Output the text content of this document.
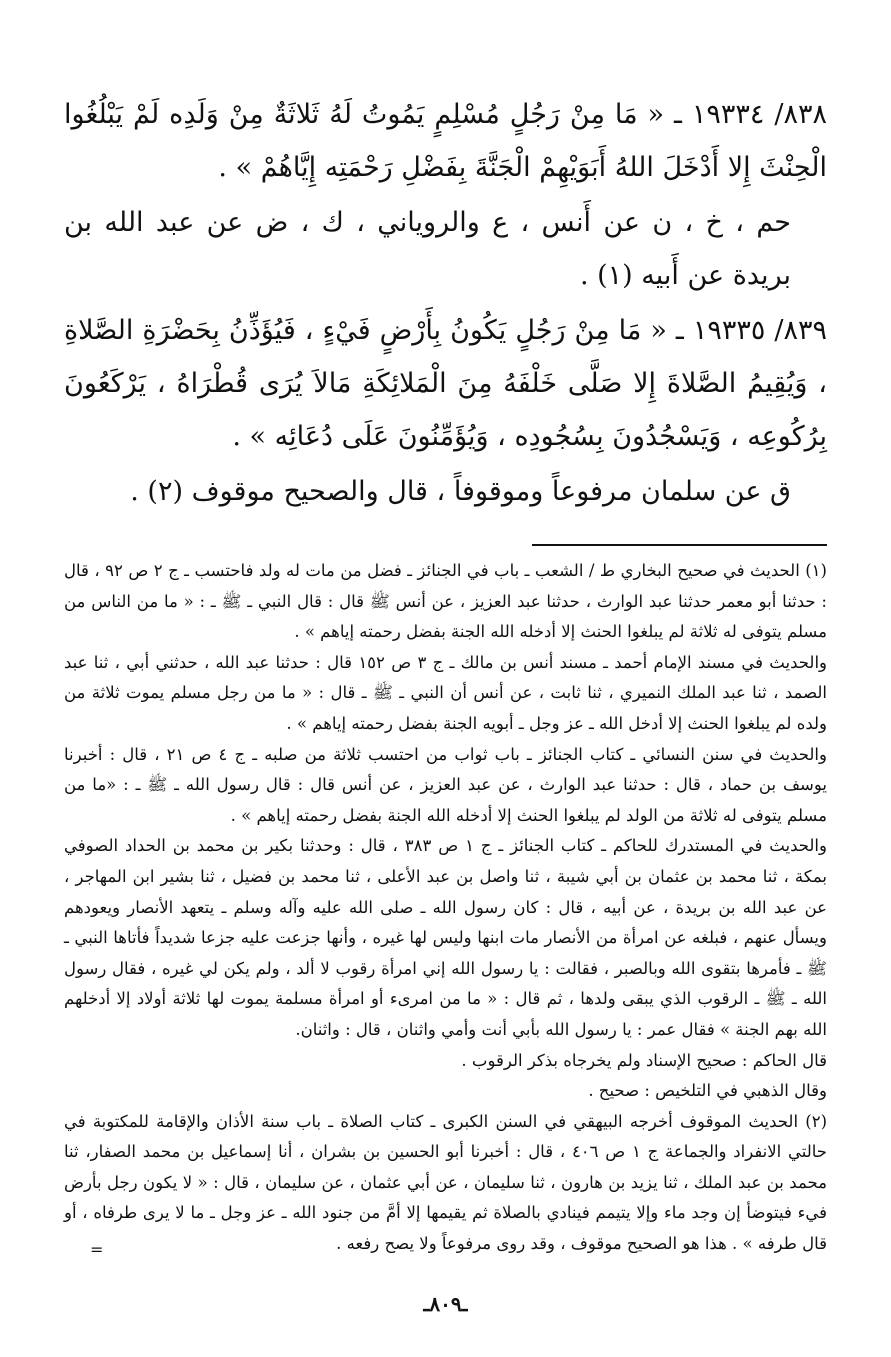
٨٣٨/ ١٩٣٣٤ ـ « مَا مِنْ رَجُلٍ مُسْلِمٍ يَمُوتُ لَهُ ثَلاثَةٌ مِنْ وَلَدِه لَمْ يَبْلُغُوا الْحِنْثَ إِلا أَدْخَلَ اللهُ أَبَوَيْهِمْ الْجَنَّةَ بِفَضْلِ رَحْمَتِه إِيَّاهُمْ » .

حم ، خ ، ن عن أَنس ، ع والروياني ، ك ، ض عن عبد الله بن بريدة عن أَبيه (١) .

٨٣٩/ ١٩٣٣٥ ـ « مَا مِنْ رَجُلٍ يَكُونُ بِأَرْضٍ فَيْءٍ ، فَيُؤَذِّنُ بِحَضْرَةِ الصَّلاةِ ، وَيُقِيمُ الصَّلاةَ إِلا صَلَّى خَلْفَهُ مِنَ الْمَلائِكَةِ مَالاَ يُرَى قُطْرَاهُ ، يَرْكَعُونَ بِرُكُوعِه ، وَيَسْجُدُونَ بِسُجُودِه ، وَيُؤَمِّنُونَ عَلَى دُعَائِه » .

ق عن سلمان مرفوعاً وموقوفاً ، قال والصحيح موقوف (٢) .

(١) الحديث في صحيح البخاري ط / الشعب ـ باب في الجنائز ـ فضل من مات له ولد فاحتسب ـ ج ٢ ص ٩٢ ، قال : حدثنا أبو معمر حدثنا عبد الوارث ، حدثنا عبد العزيز ، عن أنس ﷺ قال : قال النبي ـ ﷺ ـ : « ما من الناس من مسلم يتوفى له ثلاثة لم يبلغوا الحنث إلا أدخله الله الجنة بفضل رحمته إياهم » .

والحديث في مسند الإمام أحمد ـ مسند أنس بن مالك ـ ج ٣ ص ١٥٢ قال : حدثنا عبد الله ، حدثني أبي ، ثنا عبد الصمد ، ثنا عبد الملك النميري ، ثنا ثابت ، عن أنس أن النبي ـ ﷺ ـ قال : « ما من رجل مسلم يموت ثلاثة من ولده لم يبلغوا الحنث إلا أدخل الله ـ عز وجل ـ أبويه الجنة بفضل رحمته إياهم » .

والحديث في سنن النسائي ـ كتاب الجنائز ـ باب ثواب من احتسب ثلاثة من صلبه ـ ج ٤ ص ٢١ ، قال : أخبرنا يوسف بن حماد ، قال : حدثنا عبد الوارث ، عن عبد العزيز ، عن أنس قال : قال رسول الله ـ ﷺ ـ : «ما من مسلم يتوفى له ثلاثة من الولد لم يبلغوا الحنث إلا أدخله الله الجنة بفضل رحمته إياهم » .

والحديث في المستدرك للحاكم ـ كتاب الجنائز ـ ج ١ ص ٣٨٣ ، قال : وحدثنا بكير بن محمد بن الحداد الصوفي بمكة ، ثنا محمد بن عثمان بن أبي شيبة ، ثنا واصل بن عبد الأعلى ، ثنا محمد بن فضيل ، ثنا بشير ابن المهاجر ، عن عبد الله بن بريدة ، عن أبيه ، قال : كان رسول الله ـ صلى الله عليه وآله وسلم ـ يتعهد الأنصار ويعودهم ويسأل عنهم ، فبلغه عن امرأة من الأنصار مات ابنها وليس لها غيره ، وأنها جزعت عليه جزعا شديداً فأتاها النبي ـ ﷺ ـ فأمرها بتقوى الله وبالصبر ، فقالت : يا رسول الله إني امرأة رقوب لا ألد ، ولم يكن لي غيره ، فقال رسول الله ـ ﷺ ـ الرقوب الذي يبقى ولدها ، ثم قال : « ما من امرىء أو امرأة مسلمة يموت لها ثلاثة أولاد إلا أدخلهم الله بهم الجنة » فقال عمر : يا رسول الله بأبي أنت وأمي واثنان ، قال : واثنان.

قال الحاكم : صحيح الإسناد ولم يخرجاه بذكر الرقوب .

وقال الذهبي في التلخيص : صحيح .

(٢) الحديث الموقوف أخرجه البيهقي في السنن الكبرى ـ كتاب الصلاة ـ باب سنة الأذان والإقامة للمكتوبة في حالتي الانفراد والجماعة ج ١ ص ٤٠٦ ، قال : أخبرنا أبو الحسين بن بشران ، أنا إسماعيل بن محمد الصفار، ثنا محمد بن عبد الملك ، ثنا يزيد بن هارون ، ثنا سليمان ، عن أبي عثمان ، عن سليمان ، قال : « لا يكون رجل بأرض فيء فيتوضأ إن وجد ماء وإلا يتيمم فينادي بالصلاة ثم يقيمها إلا أمَّ من جنود الله ـ عز وجل ـ ما لا يرى طرفاه ، أو قال طرفه » . هذا هو الصحيح موقوف ، وقد روى مرفوعاً ولا يصح رفعه .

=
ـ٨٠٩ـ
